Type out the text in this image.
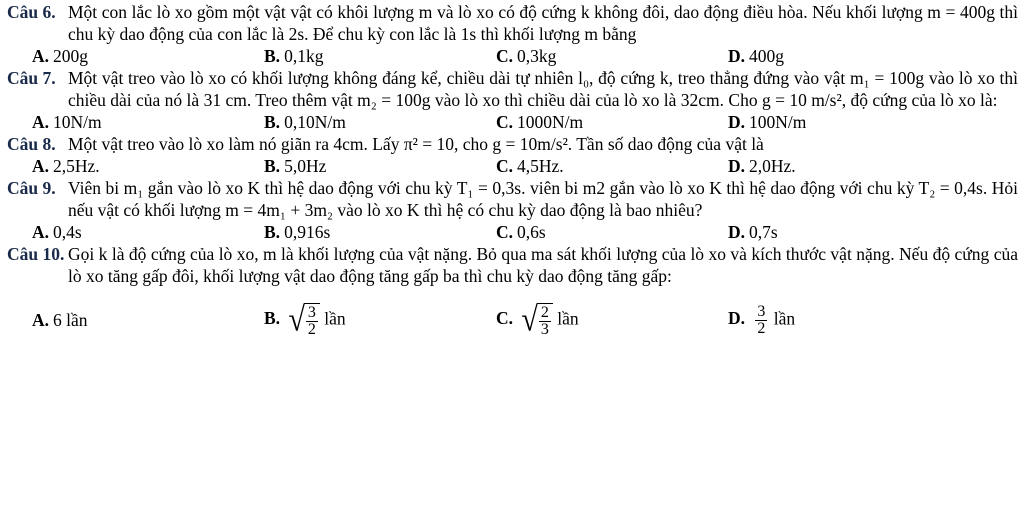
Câu 6. Một con lắc lò xo gồm một vật vật có khôi lượng m và lò xo có độ cứng k không đôi, dao động điều hòa. Nếu khối lượng m = 400g thì chu kỳ dao động của con lắc là 2s. Để chu kỳ con lắc là 1s thì khối lượng m bằng
A. 200g	B. 0,1kg	C. 0,3kg	D. 400g
Câu 7. Một vật treo vào lò xo có khối lượng không đáng kể, chiều dài tự nhiên l₀, độ cứng k, treo thẳng đứng vào vật m₁ = 100g vào lò xo thì chiều dài của nó là 31 cm. Treo thêm vật m₂ = 100g vào lò xo thì chiều dài của lò xo là 32cm. Cho g = 10 m/s², độ cứng của lò xo là:
A. 10N/m	B. 0,10N/m	C. 1000N/m	D. 100N/m
Câu 8. Một vật treo vào lò xo làm nó giãn ra 4cm. Lấy π² = 10, cho g = 10m/s². Tần số dao động của vật là
A. 2,5Hz.	B. 5,0Hz	C. 4,5Hz.	D. 2,0Hz.
Câu 9. Viên bi m₁ gắn vào lò xo K thì hệ dao động với chu kỳ T₁ = 0,3s. viên bi m2 gắn vào lò xo K thì hệ dao động với chu kỳ T₂ = 0,4s. Hỏi nếu vật có khối lượng m = 4m₁ + 3m₂ vào lò xo K thì hệ có chu kỳ dao động là bao nhiêu?
A. 0,4s	B. 0,916s	C. 0,6s	D. 0,7s
Câu 10. Gọi k là độ cứng của lò xo, m là khối lượng của vật nặng. Bỏ qua ma sát khối lượng của lò xo và kích thước vật nặng. Nếu độ cứng của lò xo tăng gấp đôi, khối lượng vật dao động tăng gấp ba thì chu kỳ dao động tăng gấp:
A. 6 lần	B. √ $\frac{3}{2}$ lần	C. √ $\frac{2}{3}$ lần	D. $\frac{3}{2}$ lần
